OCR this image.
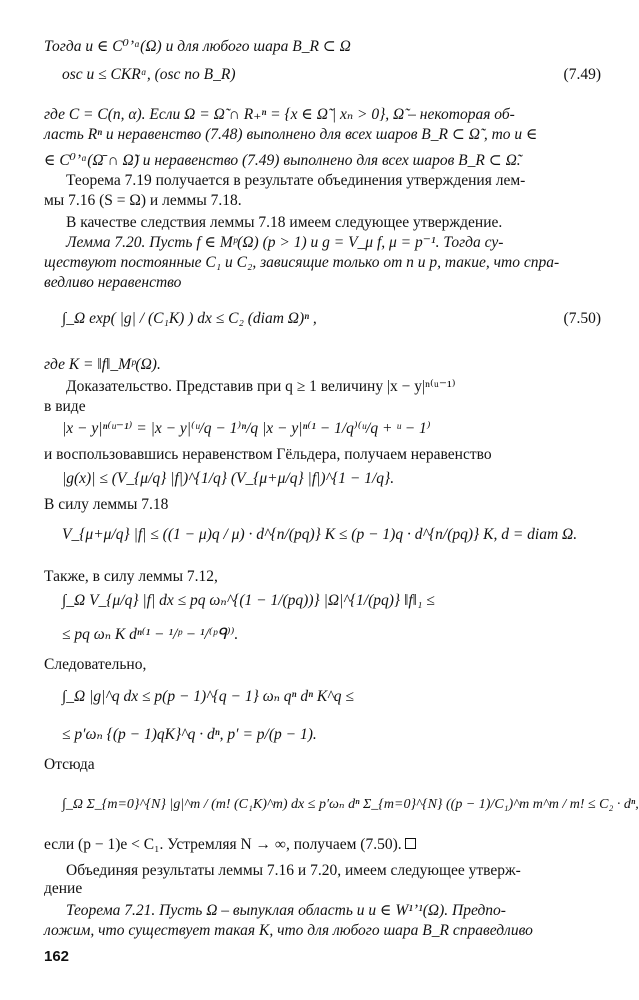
Тогда u ∈ C⁰ʼᵅ(Ω) и для любого шара B_R ⊂ Ω
osc u ≤ CKRᵅ, (osc по B_R)	(7.49)
где C = C(n, α). Если Ω = Ω̃ ∩ R₊ⁿ = {x ∈ Ω̃ | xₙ > 0}, Ω̃ – некоторая об-
ласть Rⁿ и неравенство (7.48) выполнено для всех шаров B_R ⊂ Ω̃ , то u ∈
∈ C⁰ʼᵅ(Ω̄ ∩ Ω̃) и неравенство (7.49) выполнено для всех шаров B_R ⊂ Ω̃.
Теорема 7.19 получается в результате объединения утверждения лем-
мы 7.16 (S = Ω) и леммы 7.18.
В качестве следствия леммы 7.18 имеем следующее утверждение.
Лемма 7.20. Пусть f ∈ Mᵖ(Ω) (p > 1) и g = V_μ f, μ = p⁻¹. Тогда су-
ществуют постоянные C₁ и C₂, зависящие только от n и p, такие, что спра-
ведливо неравенство
∫_Ω exp( |g| / (C₁K) ) dx ≤ C₂ (diam Ω)ⁿ ,	(7.50)
где K = ‖f‖_Mᵖ(Ω).
Доказательство. Представив при q ≥ 1 величину |x − y|ⁿ⁽ᵘ⁻¹⁾
в виде
|x − y|ⁿ⁽ᵘ⁻¹⁾ = |x − y|⁽ᵘ/q − 1⁾ⁿ/q |x − y|ⁿ⁽¹ − 1/q⁾⁽ᵘ/q + ᵘ − 1⁾
и воспользовавшись неравенством Гёльдера, получаем неравенство
|g(x)| ≤ (V_{μ/q} |f|)^{1/q} (V_{μ+μ/q} |f|)^{1 − 1/q}.
В силу леммы 7.18
V_{μ+μ/q} |f| ≤ ((1 − μ)q / μ) · d^{n/(pq)} K ≤ (p − 1)q · d^{n/(pq)} K, d = diam Ω.
Также, в силу леммы 7.12,
∫_Ω V_{μ/q} |f| dx ≤ pq ωₙ^{(1 − 1/(pq))} |Ω|^{1/(pq)} ‖f‖₁ ≤
≤ pq ωₙ K dⁿ⁽¹ − ¹/ᵖ − ¹/⁽ᵖᑫ⁾⁾.
Следовательно,
∫_Ω |g|^q dx ≤ p(p − 1)^{q − 1} ωₙ qⁿ dⁿ K^q ≤
≤ p′ωₙ {(p − 1)qK}^q · dⁿ, p′ = p/(p − 1).
Отсюда
∫_Ω Σ_{m=0}^{N} |g|^m / (m! (C₁K)^m) dx ≤ p′ωₙ dⁿ Σ_{m=0}^{N} ((p − 1)/C₁)^m m^m / m! ≤ C₂ · dⁿ,
если (p − 1)e < C₁. Устремляя N → ∞, получаем (7.50).
Объединяя результаты леммы 7.16 и 7.20, имеем следующее утверж-
дение
Теорема 7.21. Пусть Ω – выпуклая область и u ∈ W¹ʼ¹(Ω). Предпо-
ложим, что существует такая K, что для любого шара B_R справедливо
162
